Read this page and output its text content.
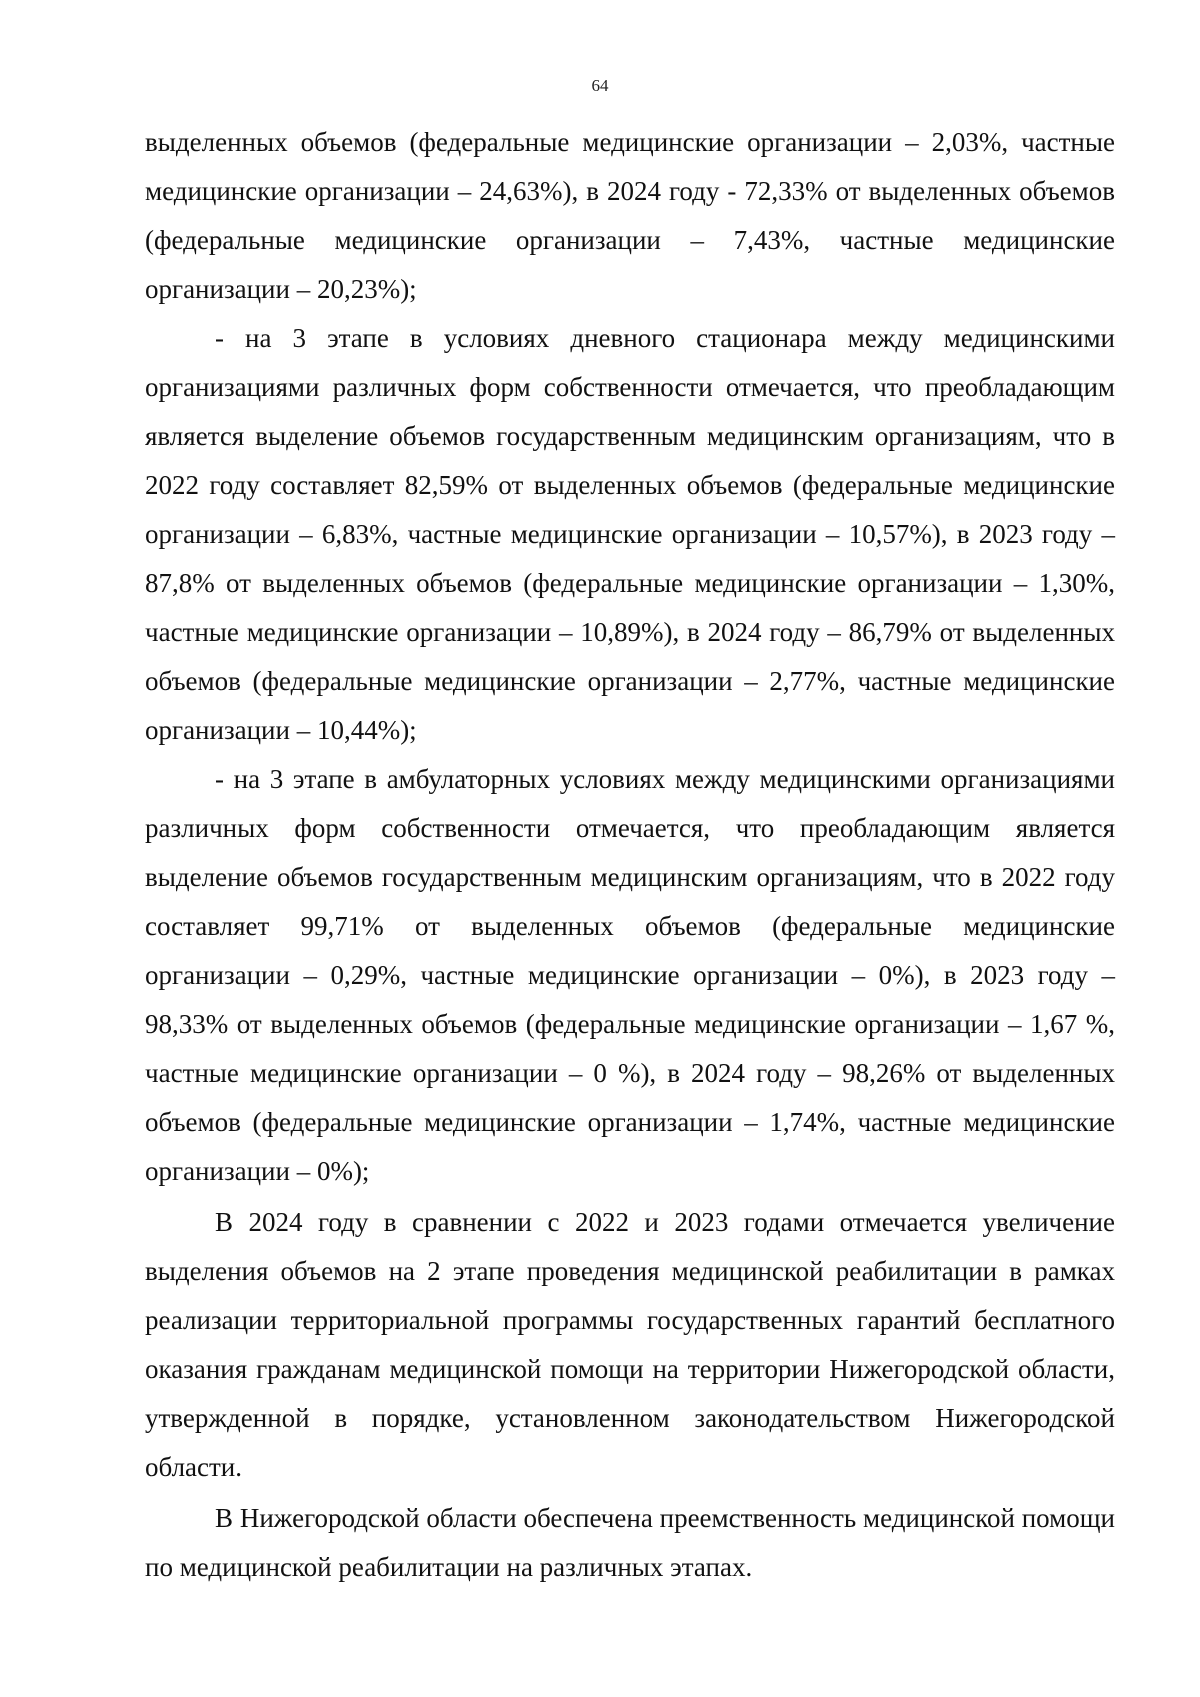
64

выделенных объемов (федеральные медицинские организации – 2,03%, частные медицинские организации – 24,63%), в 2024 году - 72,33% от выделенных объемов (федеральные медицинские организации – 7,43%, частные медицинские организации – 20,23%);

- на 3 этапе в условиях дневного стационара между медицинскими организациями различных форм собственности отмечается, что преобладающим является выделение объемов государственным медицинским организациям, что в 2022 году составляет 82,59% от выделенных объемов (федеральные медицинские организации – 6,83%, частные медицинские организации – 10,57%), в 2023 году – 87,8% от выделенных объемов (федеральные медицинские организации – 1,30%, частные медицинские организации – 10,89%), в 2024 году – 86,79% от выделенных объемов (федеральные медицинские организации – 2,77%, частные медицинские организации – 10,44%);

- на 3 этапе в амбулаторных условиях между медицинскими организациями различных форм собственности отмечается, что преобладающим является выделение объемов государственным медицинским организациям, что в 2022 году составляет 99,71% от выделенных объемов (федеральные медицинские организации – 0,29%, частные медицинские организации – 0%), в 2023 году – 98,33% от выделенных объемов (федеральные медицинские организации – 1,67 %, частные медицинские организации – 0 %), в 2024 году – 98,26% от выделенных объемов (федеральные медицинские организации – 1,74%, частные медицинские организации – 0%);

В 2024 году в сравнении с 2022 и 2023 годами отмечается увеличение выделения объемов на 2 этапе проведения медицинской реабилитации в рамках реализации территориальной программы государственных гарантий бесплатного оказания гражданам медицинской помощи на территории Нижегородской области, утвержденной в порядке, установленном законодательством Нижегородской области.

В Нижегородской области обеспечена преемственность медицинской помощи по медицинской реабилитации на различных этапах.
